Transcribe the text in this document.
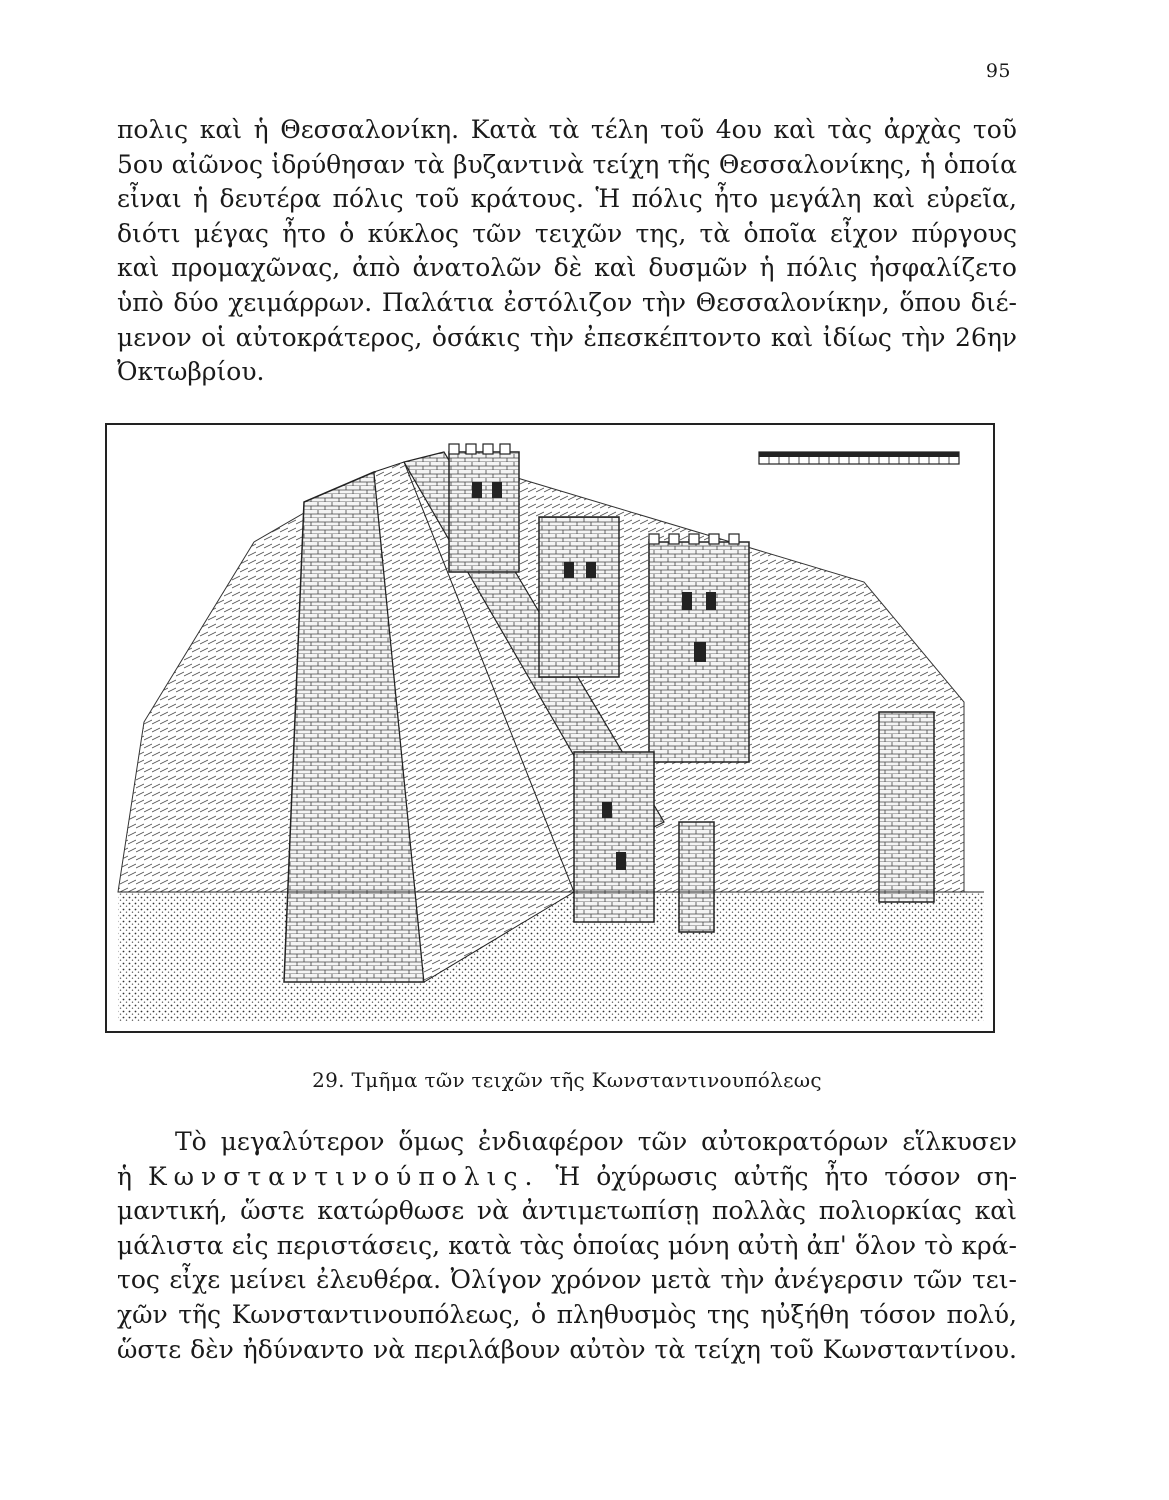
95
πολις καὶ ἡ Θεσσαλονίκη. Κατὰ τὰ τέλη τοῦ 4ου καὶ τὰς ἀρχὰς τοῦ
5ου αἰῶνος ἱδρύθησαν τὰ βυζαντινὰ τείχη τῆς Θεσσαλονίκης, ἡ ὁποία
εἶναι ἡ δευτέρα πόλις τοῦ κράτους. Ἡ πόλις ἦτο μεγάλη καὶ εὐρεῖα,
διότι μέγας ἦτο ὁ κύκλος τῶν τειχῶν της, τὰ ὁποῖα εἶχον πύργους
καὶ προμαχῶνας, ἀπὸ ἀνατολῶν δὲ καὶ δυσμῶν ἡ πόλις ἠσφαλίζετο
ὑπὸ δύο χειμάρρων. Παλάτια ἐστόλιζον τὴν Θεσσαλονίκην, ὅπου διέ-
μενον οἱ αὐτοκράτερος, ὁσάκις τὴν ἐπεσκέπτοντο καὶ ἰδίως τὴν 26ην
Ὀκτωβρίου.
29. Τμῆμα τῶν τειχῶν τῆς Κωνσταντινουπόλεως
Τὸ μεγαλύτερον ὅμως ἐνδιαφέρον τῶν αὐτοκρατόρων εἵλκυσεν
ἡ Κωνσταντινούπολις. Ἡ ὀχύρωσις αὐτῆς ἦτο τόσον ση-
μαντική, ὥστε κατώρθωσε νὰ ἀντιμετωπίσῃ πολλὰς πολιορκίας καὶ
μάλιστα εἰς περιστάσεις, κατὰ τὰς ὁποίας μόνη αὐτὴ ἀπ' ὅλον τὸ κρά-
τος εἶχε μείνει ἐλευθέρα. Ὀλίγον χρόνον μετὰ τὴν ἀνέγερσιν τῶν τει-
χῶν τῆς Κωνσταντινουπόλεως, ὁ πληθυσμὸς της ηὐξήθη τόσον πολύ,
ὥστε δὲν ἠδύναντο νὰ περιλάβουν αὐτὸν τὰ τείχη τοῦ Κωνσταντίνου.
